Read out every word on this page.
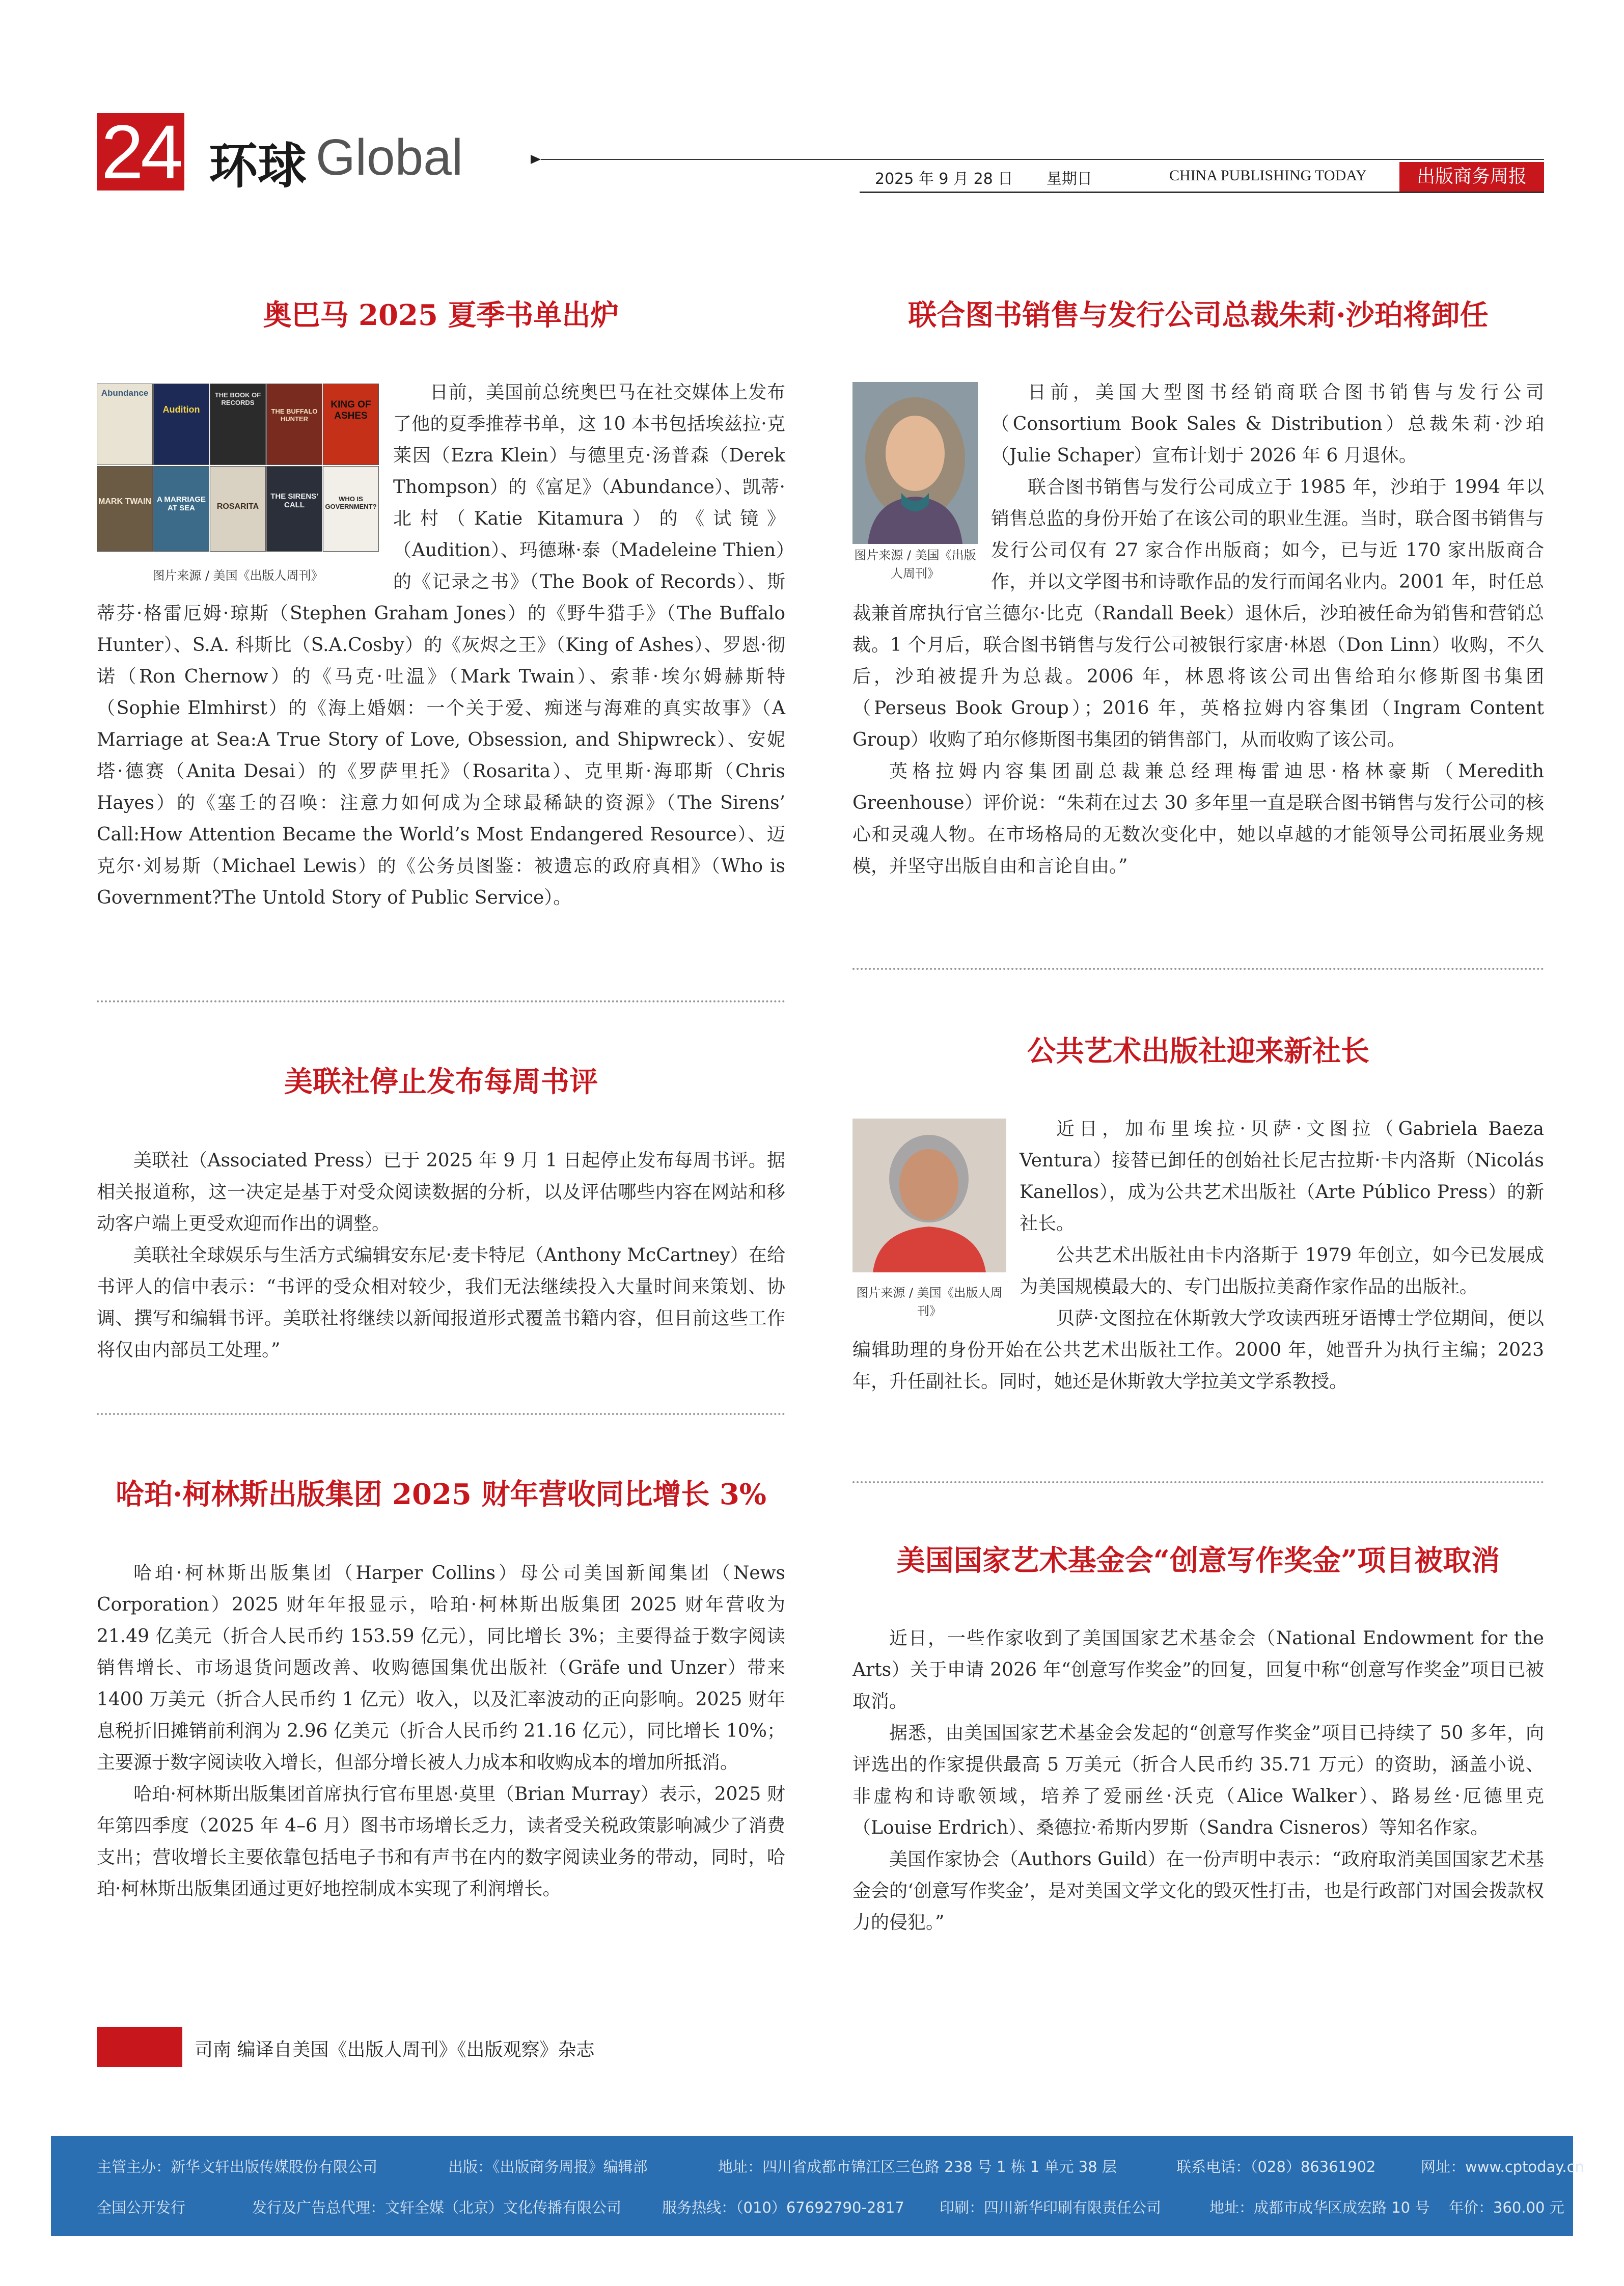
24 环球 Global	2025 年 9 月 28 日 星期日	CHINA PUBLISHING TODAY	出版商务周报
奥巴马 2025 夏季书单出炉
Abundance
Audition
THE BOOK OF RECORDS
THE BUFFALO HUNTER
KING OF ASHES
MARK TWAIN A MARRIAGE AT SEA	ROSARITA
THE SIRENS' CALL
WHO IS GOVERNMENT?
图片来源 / 美国《出版人周刊》

日前，美国前总统奥巴马在社交媒体上发布了他的夏季推荐书单，这 10 本书包括埃兹拉·克莱因（Ezra Klein）与德里克·汤普森（Derek Thompson）的《富足》（Abundance）、凯蒂·北村（Katie Kitamura）的《试镜》（Audition）、玛德琳·泰（Madeleine Thien）的《记录之书》（The Book of Records）、斯蒂芬·格雷厄姆·琼斯（Stephen Graham Jones）的《野牛猎手》（The Buffalo Hunter）、S.A. 科斯比（S.A.Cosby）的《灰烬之王》（King of Ashes）、罗恩·彻诺（Ron Chernow）的《马克·吐温》（Mark Twain）、索菲·埃尔姆赫斯特（Sophie Elmhirst）的《海上婚姻：一个关于爱、痴迷与海难的真实故事》（A Marriage at Sea:A True Story of Love, Obsession, and Shipwreck）、安妮塔·德赛（Anita Desai）的《罗萨里托》（Rosarita）、克里斯·海耶斯（Chris Hayes）的《塞壬的召唤：注意力如何成为全球最稀缺的资源》（The Sirens’ Call:How Attention Became the World’s Most Endangered Resource）、迈克尔·刘易斯（Michael Lewis）的《公务员图鉴：被遗忘的政府真相》（Who is Government?The Untold Story of Public Service）。

美联社停止发布每周书评

美联社（Associated Press）已于 2025 年 9 月 1 日起停止发布每周书评。据相关报道称，这一决定是基于对受众阅读数据的分析，以及评估哪些内容在网站和移动客户端上更受欢迎而作出的调整。

美联社全球娱乐与生活方式编辑安东尼·麦卡特尼（Anthony McCartney）在给书评人的信中表示：“书评的受众相对较少，我们无法继续投入大量时间来策划、协调、撰写和编辑书评。美联社将继续以新闻报道形式覆盖书籍内容，但目前这些工作将仅由内部员工处理。”

哈珀·柯林斯出版集团 2025 财年营收同比增长 3%

哈珀·柯林斯出版集团（Harper Collins）母公司美国新闻集团（News Corporation）2025 财年年报显示，哈珀·柯林斯出版集团 2025 财年营收为 21.49 亿美元（折合人民币约 153.59 亿元），同比增长 3%；主要得益于数字阅读销售增长、市场退货问题改善、收购德国集优出版社（Gräfe und Unzer）带来 1400 万美元（折合人民币约 1 亿元）收入，以及汇率波动的正向影响。2025 财年息税折旧摊销前利润为 2.96 亿美元（折合人民币约 21.16 亿元），同比增长 10%；主要源于数字阅读收入增长，但部分增长被人力成本和收购成本的增加所抵消。

哈珀·柯林斯出版集团首席执行官布里恩·莫里（Brian Murray）表示，2025 财年第四季度（2025 年 4–6 月）图书市场增长乏力，读者受关税政策影响减少了消费支出；营收增长主要依靠包括电子书和有声书在内的数字阅读业务的带动，同时，哈珀·柯林斯出版集团通过更好地控制成本实现了利润增长。

联合图书销售与发行公司总裁朱莉·沙珀将卸任
图片来源 / 美国《出版人周刊》

日前，美国大型图书经销商联合图书销售与发行公司（Consortium Book Sales & Distribution）总裁朱莉·沙珀（Julie Schaper）宣布计划于 2026 年 6 月退休。

联合图书销售与发行公司成立于 1985 年，沙珀于 1994 年以销售总监的身份开始了在该公司的职业生涯。当时，联合图书销售与发行公司仅有 27 家合作出版商；如今，已与近 170 家出版商合作，并以文学图书和诗歌作品的发行而闻名业内。2001 年，时任总裁兼首席执行官兰德尔·比克（Randall Beek）退休后，沙珀被任命为销售和营销总裁。1 个月后，联合图书销售与发行公司被银行家唐·林恩（Don Linn）收购，不久后，沙珀被提升为总裁。2006 年，林恩将该公司出售给珀尔修斯图书集团（Perseus Book Group）；2016 年，英格拉姆内容集团（Ingram Content Group）收购了珀尔修斯图书集团的销售部门，从而收购了该公司。

英格拉姆内容集团副总裁兼总经理梅雷迪思·格林豪斯（Meredith Greenhouse）评价说：“朱莉在过去 30 多年里一直是联合图书销售与发行公司的核心和灵魂人物。在市场格局的无数次变化中，她以卓越的才能领导公司拓展业务规模，并坚守出版自由和言论自由。”

公共艺术出版社迎来新社长
图片来源 / 美国《出版人周刊》

近日，加布里埃拉·贝萨·文图拉（Gabriela Baeza Ventura）接替已卸任的创始社长尼古拉斯·卡内洛斯（Nicolás Kanellos），成为公共艺术出版社（Arte Público Press）的新社长。

公共艺术出版社由卡内洛斯于 1979 年创立，如今已发展成为美国规模最大的、专门出版拉美裔作家作品的出版社。

贝萨·文图拉在休斯敦大学攻读西班牙语博士学位期间，便以编辑助理的身份开始在公共艺术出版社工作。2000 年，她晋升为执行主编；2023 年，升任副社长。同时，她还是休斯敦大学拉美文学系教授。

美国国家艺术基金会“创意写作奖金”项目被取消

近日，一些作家收到了美国国家艺术基金会（National Endowment for the Arts）关于申请 2026 年“创意写作奖金”的回复，回复中称“创意写作奖金”项目已被取消。

据悉，由美国国家艺术基金会发起的“创意写作奖金”项目已持续了 50 多年，向评选出的作家提供最高 5 万美元（折合人民币约 35.71 万元）的资助，涵盖小说、非虚构和诗歌领域，培养了爱丽丝·沃克（Alice Walker）、路易丝·厄德里克（Louise Erdrich）、桑德拉·希斯内罗斯（Sandra Cisneros）等知名作家。

美国作家协会（Authors Guild）在一份声明中表示：“政府取消美国国家艺术基金会的‘创意写作奖金’，是对美国文学文化的毁灭性打击，也是行政部门对国会拨款权力的侵犯。”

司南 编译自美国《出版人周刊》《出版观察》杂志
主管主办：新华文轩出版传媒股份有限公司	出版：《出版商务周报》编辑部	地址：四川省成都市锦江区三色路 238 号 1 栋 1 单元 38 层	联系电话：（028）86361902	网址：www.cptoday.cn
全国公开发行	发行及广告总代理：文轩全媒（北京）文化传播有限公司	服务热线：（010）67692790-2817 印刷：四川新华印刷有限责任公司	地址：成都市成华区成宏路 10 号 年价：360.00 元
